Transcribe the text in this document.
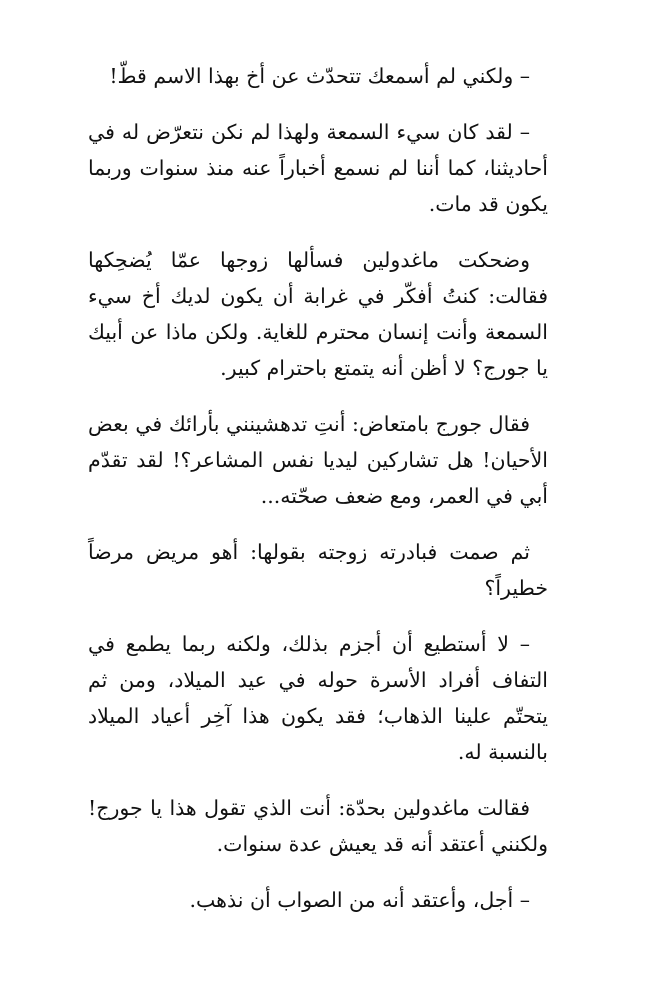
– ولكني لم أسمعك تتحدّث عن أخ بهذا الاسم قطّ!

– لقد كان سيء السمعة ولهذا لم نكن نتعرّض له في أحاديثنا، كما أننا لم نسمع أخباراً عنه منذ سنوات وربما يكون قد مات.

وضحكت ماغدولين فسألها زوجها عمّا يُضحِكها فقالت: كنتُ أفكّر في غرابة أن يكون لديك أخ سيء السمعة وأنت إنسان محترم للغاية. ولكن ماذا عن أبيك يا جورج؟ لا أظن أنه يتمتع باحترام كبير.

فقال جورج بامتعاض: أنتِ تدهشينني بأرائك في بعض الأحيان! هل تشاركين ليديا نفس المشاعر؟! لقد تقدّم أبي في العمر، ومع ضعف صحّته...

ثم صمت فبادرته زوجته بقولها: أهو مريض مرضاً خطيراً؟

– لا أستطيع أن أجزم بذلك، ولكنه ربما يطمع في التفاف أفراد الأسرة حوله في عيد الميلاد، ومن ثم يتحتّم علينا الذهاب؛ فقد يكون هذا آخِر أعياد الميلاد بالنسبة له.

فقالت ماغدولين بحدّة: أنت الذي تقول هذا يا جورج! ولكنني أعتقد أنه قد يعيش عدة سنوات.

– أجل، وأعتقد أنه من الصواب أن نذهب.
